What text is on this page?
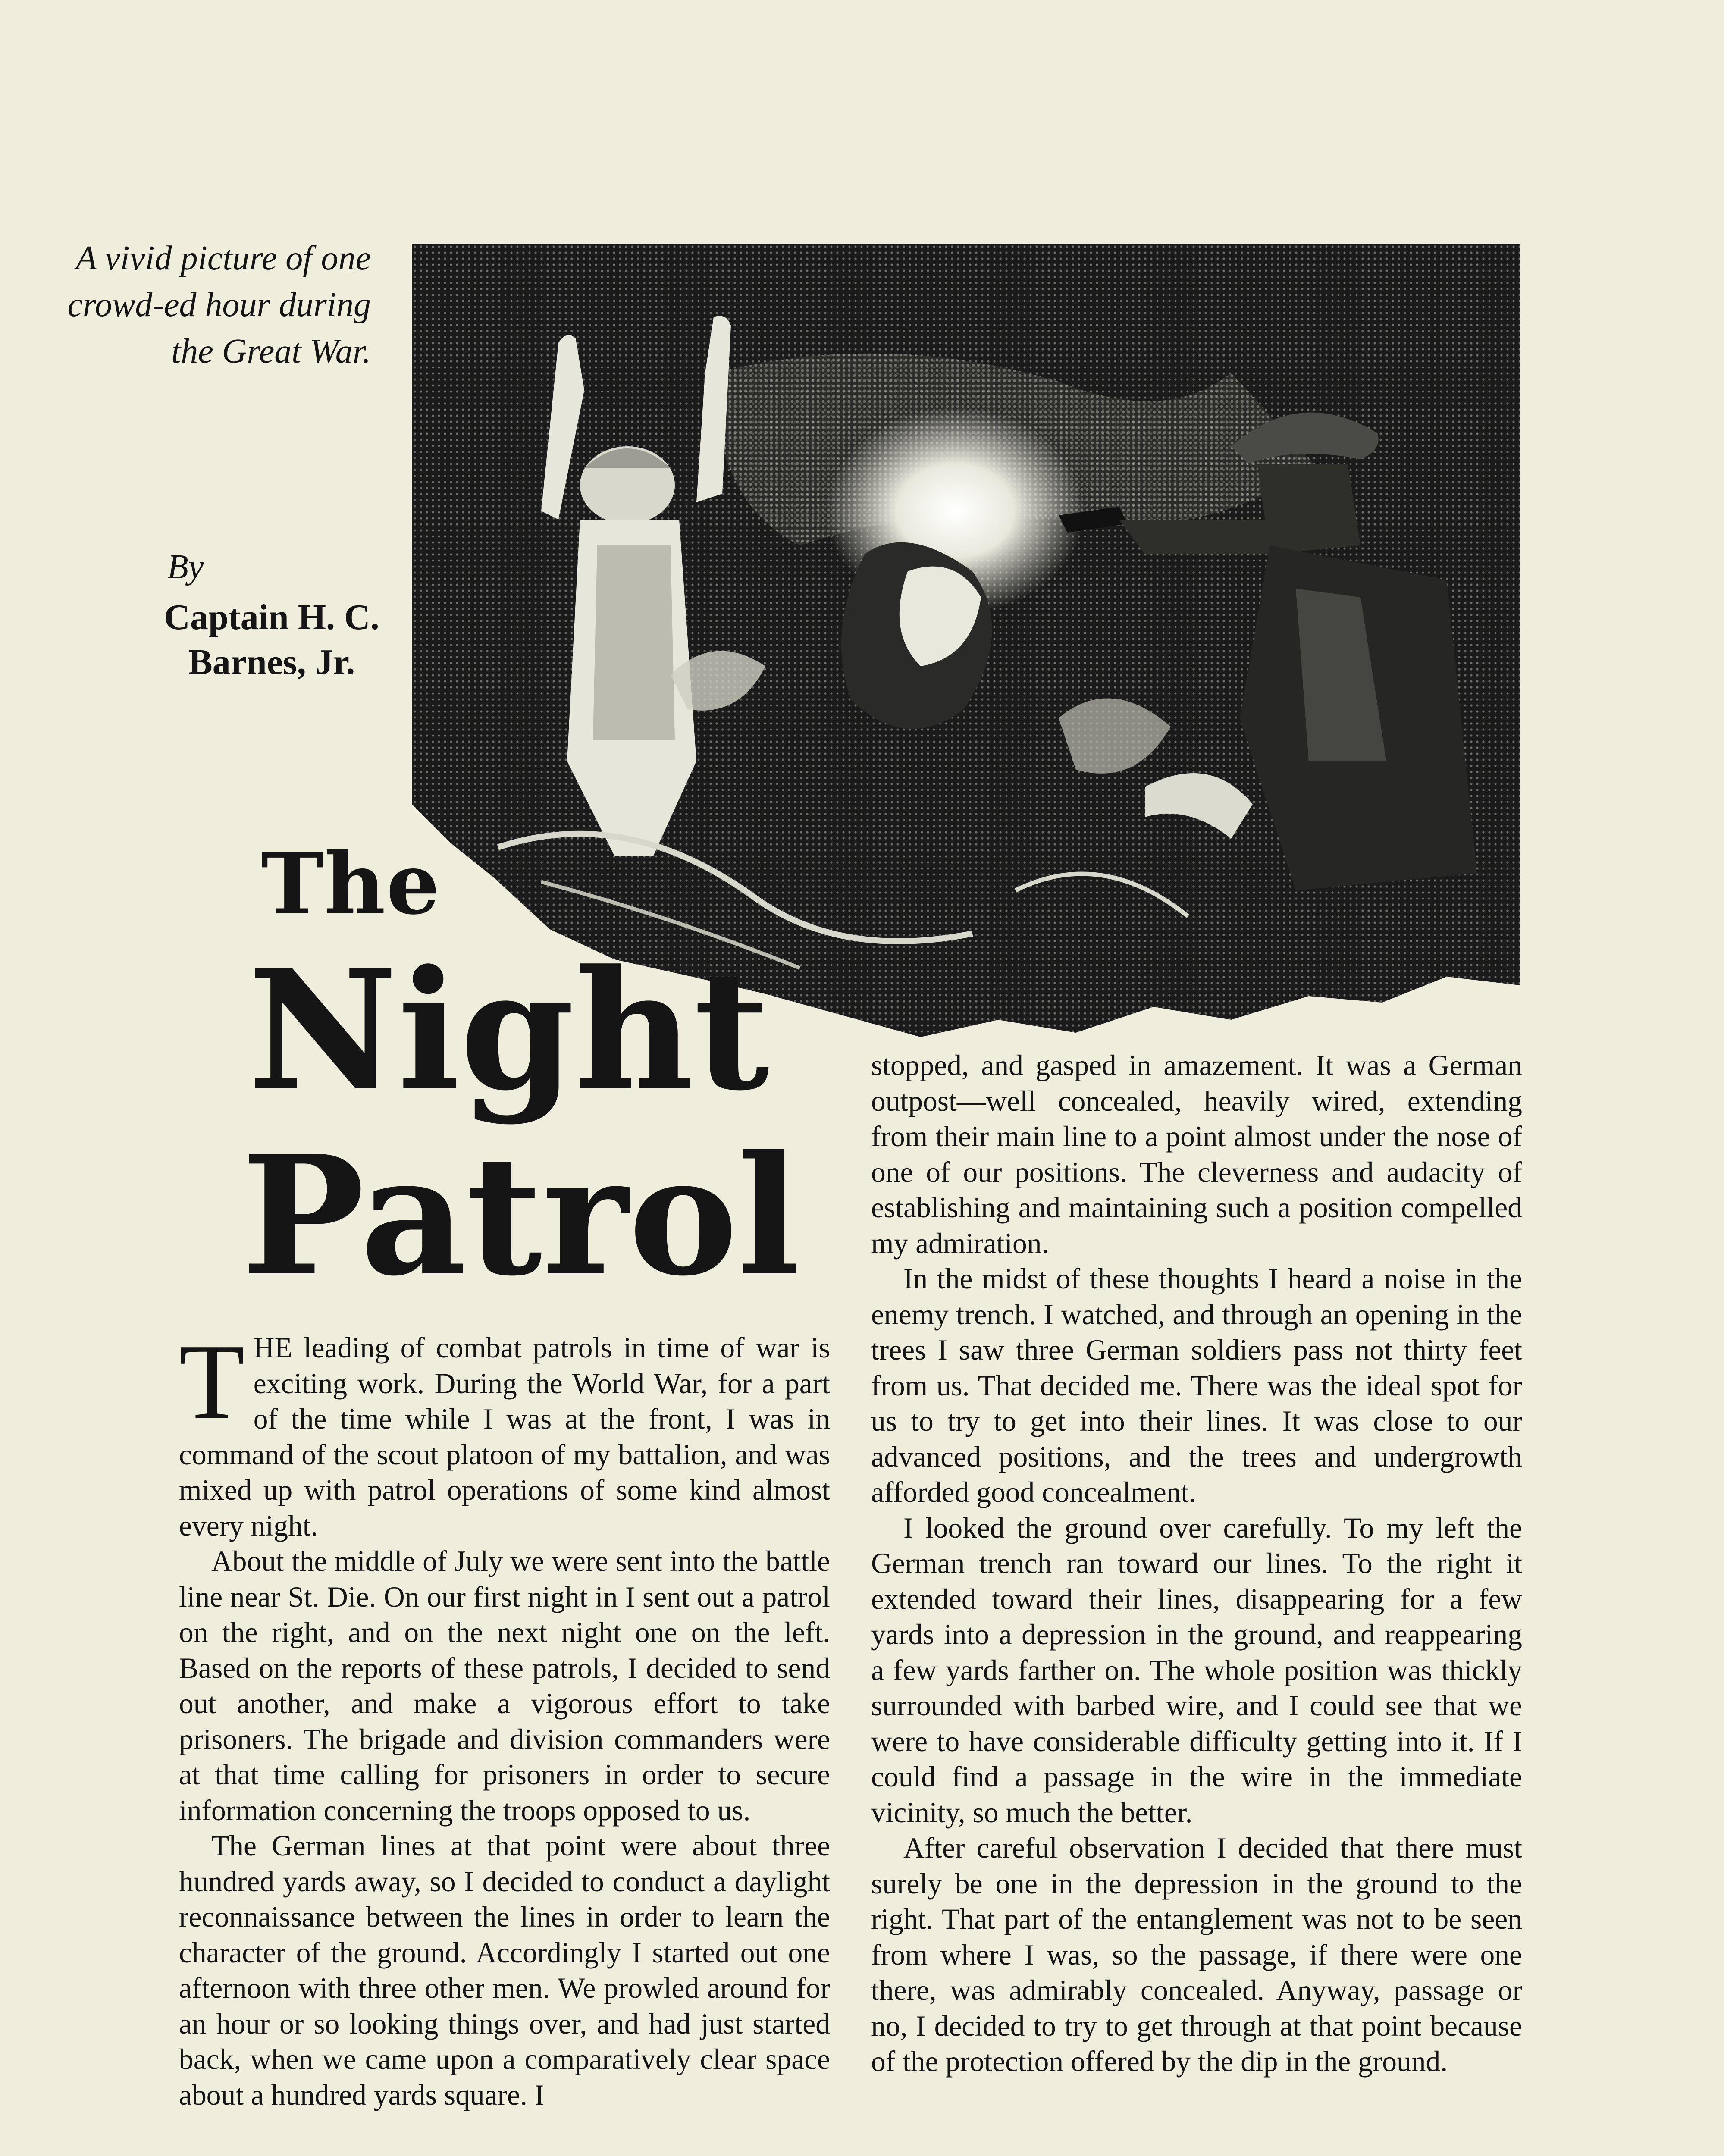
A vivid picture of one crowd-ed hour during the Great War.
By
Captain H. C. Barnes, Jr.
The
Night
Patrol

THE leading of combat patrols in time of war is exciting work. During the World War, for a part of the time while I was at the front, I was in command of the scout platoon of my battalion, and was mixed up with patrol operations of some kind almost every night.

About the middle of July we were sent into the battle line near St. Die. On our first night in I sent out a patrol on the right, and on the next night one on the left. Based on the reports of these patrols, I decided to send out another, and make a vigorous effort to take prisoners. The brigade and division commanders were at that time calling for prisoners in order to secure information concerning the troops opposed to us.

The German lines at that point were about three hundred yards away, so I decided to conduct a daylight reconnaissance between the lines in order to learn the character of the ground. Accordingly I started out one afternoon with three other men. We prowled around for an hour or so looking things over, and had just started back, when we came upon a comparatively clear space about a hundred yards square. I

stopped, and gasped in amazement. It was a German outpost—well concealed, heavily wired, extending from their main line to a point almost under the nose of one of our positions. The cleverness and audacity of establishing and maintaining such a position compelled my admiration.

In the midst of these thoughts I heard a noise in the enemy trench. I watched, and through an opening in the trees I saw three German soldiers pass not thirty feet from us. That decided me. There was the ideal spot for us to try to get into their lines. It was close to our advanced positions, and the trees and undergrowth afforded good concealment.

I looked the ground over carefully. To my left the German trench ran toward our lines. To the right it extended toward their lines, disappearing for a few yards into a depression in the ground, and reappearing a few yards farther on. The whole position was thickly surrounded with barbed wire, and I could see that we were to have considerable difficulty getting into it. If I could find a passage in the wire in the immediate vicinity, so much the better.

After careful observation I decided that there must surely be one in the depression in the ground to the right. That part of the entanglement was not to be seen from where I was, so the passage, if there were one there, was admirably concealed. Anyway, passage or no, I decided to try to get through at that point because of the protection offered by the dip in the ground.
